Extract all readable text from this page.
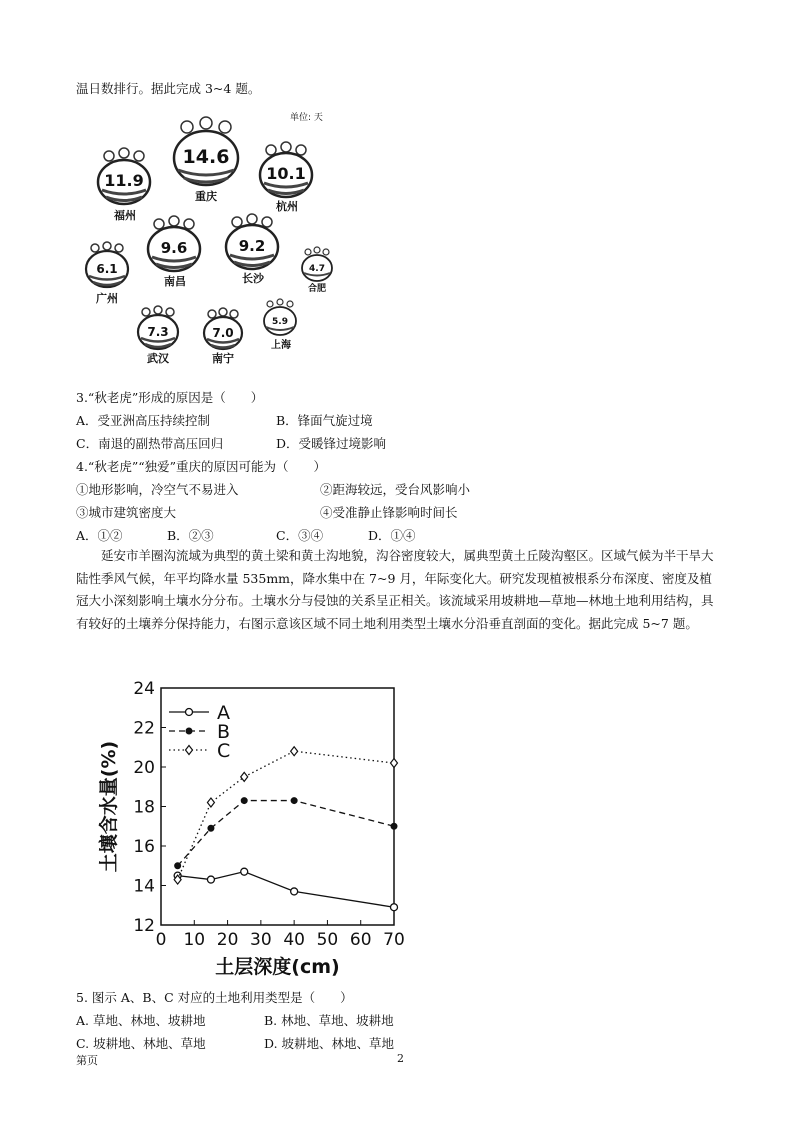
温日数排行。据此完成 3~4 题。
单位: 天
11.9
福州
14.6
重庆
10.1
杭州
9.6
南昌
9.2
长沙
6.1
广州
4.7
合肥
7.3
武汉
7.0
南宁
5.9
上海
3.“秋老虎”形成的原因是（　　）
A．受亚洲高压持续控制	B．锋面气旋过境
C．南退的副热带高压回归	D．受暖锋过境影响
4.“秋老虎”“独爱”重庆的原因可能为（　　）
①地形影响，冷空气不易进入	②距海较远，受台风影响小
③城市建筑密度大	④受准静止锋影响时间长
A．①②	B．②③	C．③④	D．①④
延安市羊圈沟流域为典型的黄土梁和黄土沟地貌，沟谷密度较大，属典型黄土丘陵沟壑区。区域气候为半干旱大陆性季风气候，年平均降水量 535mm，降水集中在 7~9 月，年际变化大。研究发现植被根系分布深度、密度及植冠大小深刻影响土壤水分分布。土壤水分与侵蚀的关系呈正相关。该流域采用坡耕地—草地—林地土地利用结构，具有较好的土壤养分保持能力，右图示意该区域不同土地利用类型土壤水分沿垂直剖面的变化。据此完成 5~7 题。
0 10 20 30 40 50 60 70
12
14
16
18
20
22
24
土层深度(cm)
土壤含水量(%)
A
B
C
5. 图示 A、B、C 对应的土地利用类型是（　　）
A. 草地、林地、坡耕地	B. 林地、草地、坡耕地
C. 坡耕地、林地、草地	D. 坡耕地、林地、草地
第页	2
